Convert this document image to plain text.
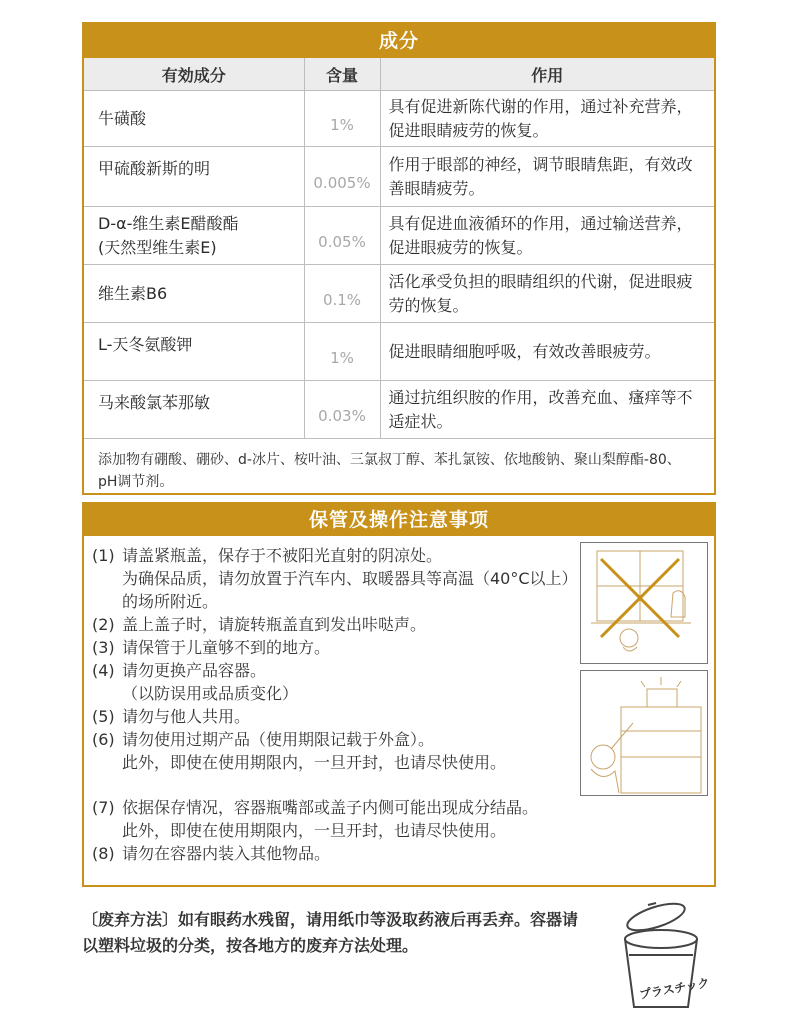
成分
有効成分	含量	作用
牛磺酸	1%	具有促进新陈代谢的作用，通过补充营养，促进眼睛疲劳的恢复。
甲硫酸新斯的明	0.005%	作用于眼部的神经，调节眼睛焦距，有效改善眼睛疲劳。
D-α-维生素E醋酸酯
(天然型维生素E)	0.05%	具有促进血液循环的作用，通过输送营养，促进眼疲劳的恢复。
维生素B6	0.1%	活化承受负担的眼睛组织的代谢，促进眼疲劳的恢复。
L-天冬氨酸钾	1%	促进眼睛细胞呼吸，有效改善眼疲劳。
马来酸氯苯那敏	0.03%	通过抗组织胺的作用，改善充血、瘙痒等不适症状。
添加物有硼酸、硼砂、d-冰片、桉叶油、三氯叔丁醇、苯扎氯铵、依地酸钠、聚山梨醇酯-80、pH调节剂。
保管及操作注意事项
(1) 请盖紧瓶盖，保存于不被阳光直射的阴凉处。
为确保品质，请勿放置于汽车内、取暖器具等高温（40°C以上）的场所附近。
(2) 盖上盖子时，请旋转瓶盖直到发出咔哒声。
(3) 请保管于儿童够不到的地方。
(4) 请勿更换产品容器。
（以防误用或品质变化）
(5) 请勿与他人共用。
(6) 请勿使用过期产品（使用期限记载于外盒）。
此外，即使在使用期限内，一旦开封，也请尽快使用。
(7) 依据保存情况，容器瓶嘴部或盖子内侧可能出现成分结晶。
此外，即使在使用期限内，一旦开封，也请尽快使用。
(8) 请勿在容器内装入其他物品。
〔废弃方法〕如有眼药水残留，请用纸巾等汲取药液后再丢弃。容器请以塑料垃圾的分类，按各地方的废弃方法处理。
プラスチック
